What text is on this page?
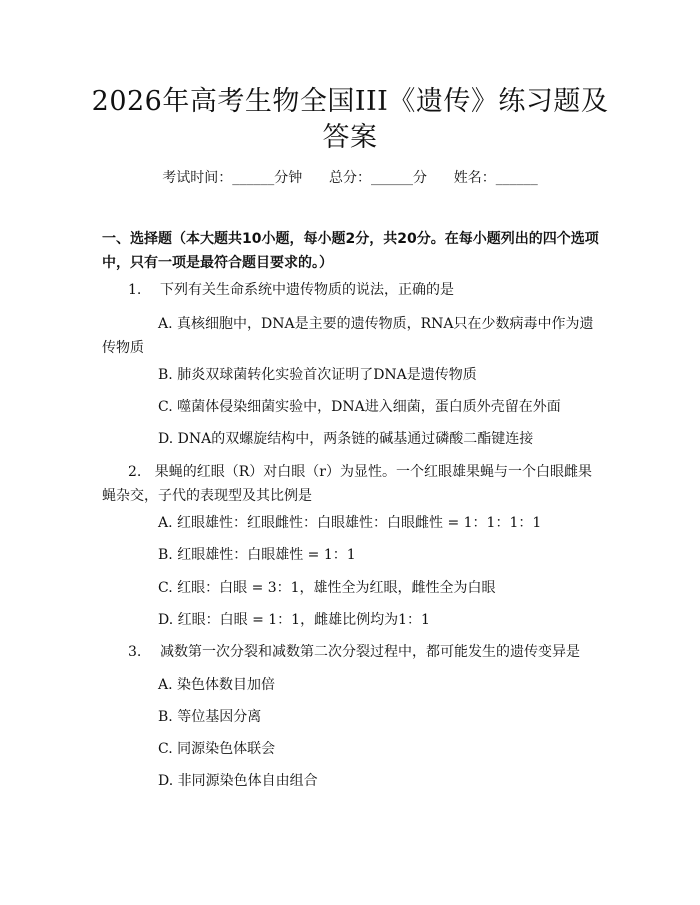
2026年高考生物全国III《遗传》练习题及答案
考试时间：______分钟      总分：______分      姓名：______
一、选择题（本大题共10小题，每小题2分，共20分。在每小题列出的四个选项中，只有一项是最符合题目要求的。）
1. 下列有关生命系统中遗传物质的说法，正确的是
A. 真核细胞中，DNA是主要的遗传物质，RNA只在少数病毒中作为遗传物质
B. 肺炎双球菌转化实验首次证明了DNA是遗传物质
C. 噬菌体侵染细菌实验中，DNA进入细菌，蛋白质外壳留在外面
D. DNA的双螺旋结构中，两条链的碱基通过磷酸二酯键连接
2. 果蝇的红眼（R）对白眼（r）为显性。一个红眼雄果蝇与一个白眼雌果蝇杂交，子代的表现型及其比例是
A. 红眼雄性：红眼雌性：白眼雄性：白眼雌性 = 1：1：1：1
B. 红眼雄性：白眼雄性 = 1：1
C. 红眼：白眼 = 3：1，雄性全为红眼，雌性全为白眼
D. 红眼：白眼 = 1：1，雌雄比例均为1：1
3. 减数第一次分裂和减数第二次分裂过程中，都可能发生的遗传变异是
A. 染色体数目加倍
B. 等位基因分离
C. 同源染色体联会
D. 非同源染色体自由组合
